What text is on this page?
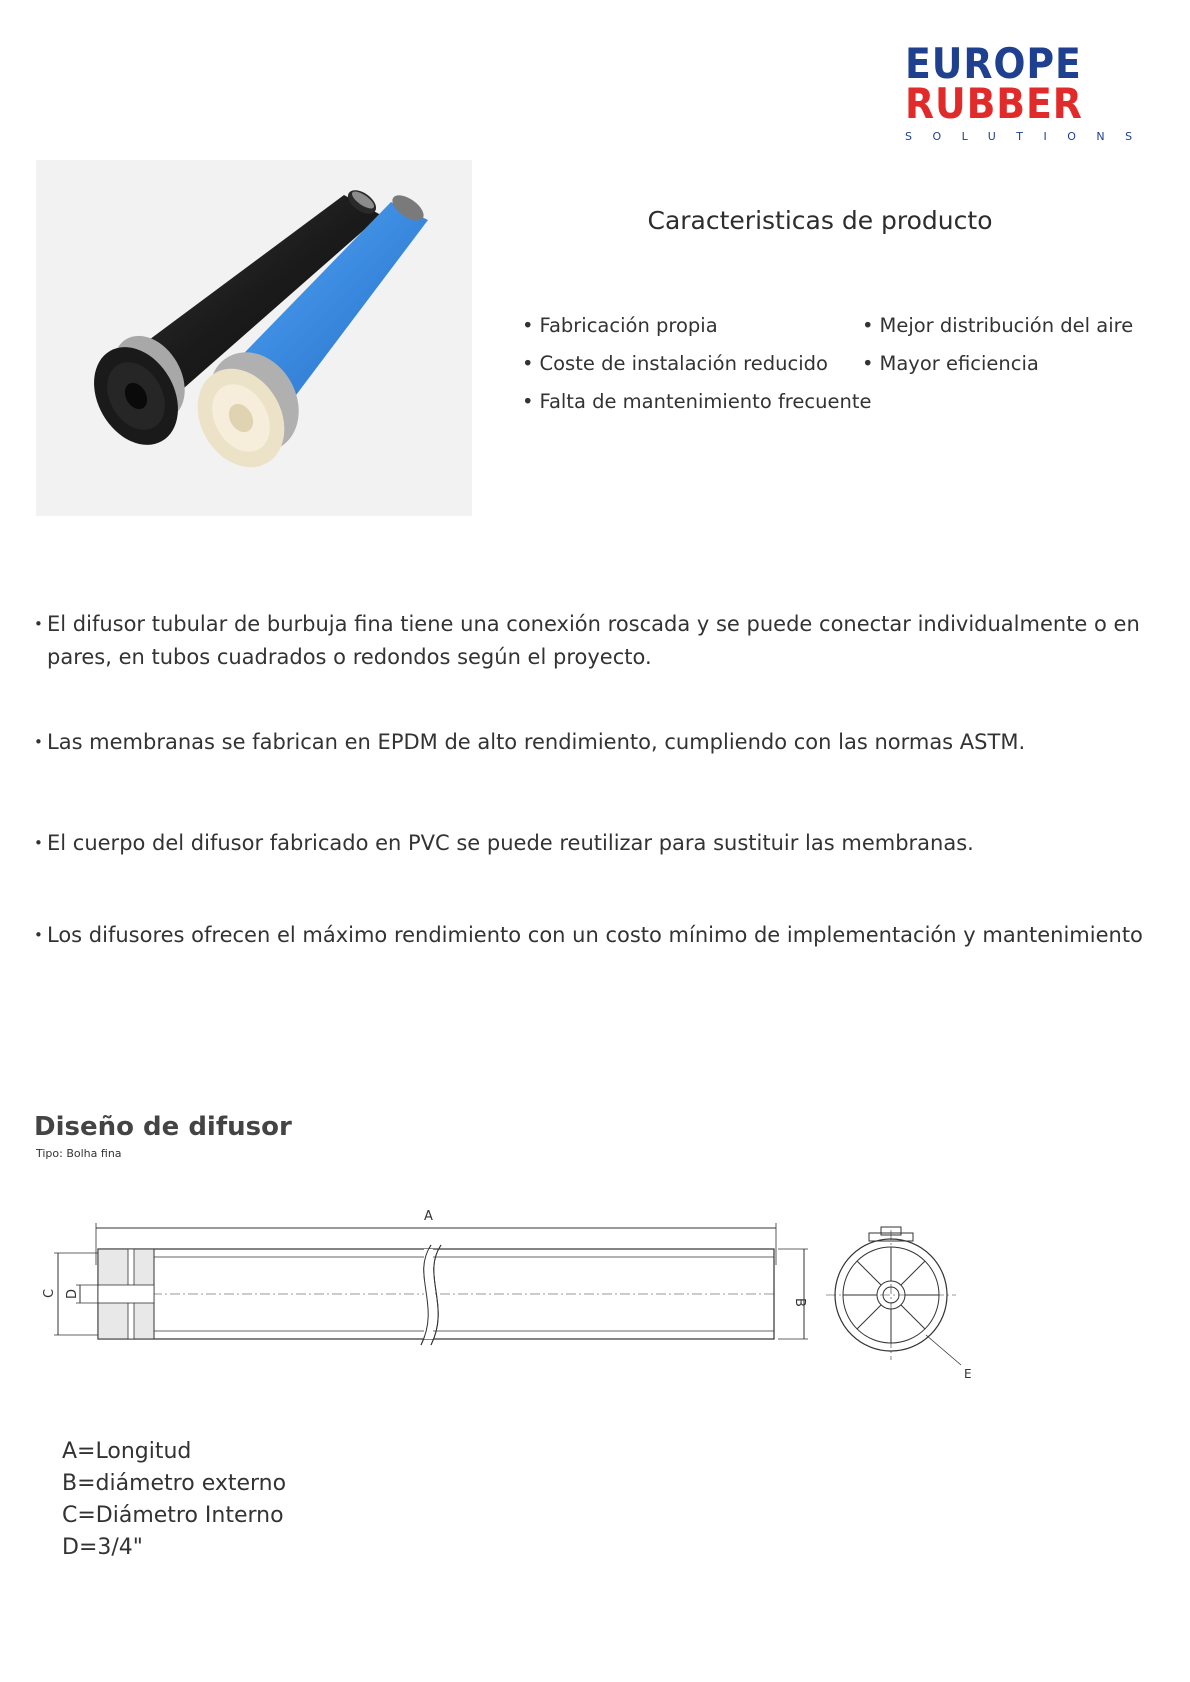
EUROPE
RUBBER
SOLUTIONS
Caracteristicas de producto
• Fabricación propia
• Coste de instalación reducido
• Falta de mantenimiento frecuente
• Mejor distribución del aire
• Mayor eficiencia
• El difusor tubular de burbuja fina tiene una conexión roscada y se puede conectar individualmente o en pares, en tubos cuadrados o redondos según el proyecto.
• Las membranas se fabrican en EPDM de alto rendimiento, cumpliendo con las normas ASTM.
• El cuerpo del difusor fabricado en PVC se puede reutilizar para sustituir las membranas.
• Los difusores ofrecen el máximo rendimiento con un costo mínimo de implementación y mantenimiento
Diseño de difusor
Tipo: Bolha fina
A
B
C D
E
A=Longitud
B=diámetro externo
C=Diámetro Interno
D=3/4"
